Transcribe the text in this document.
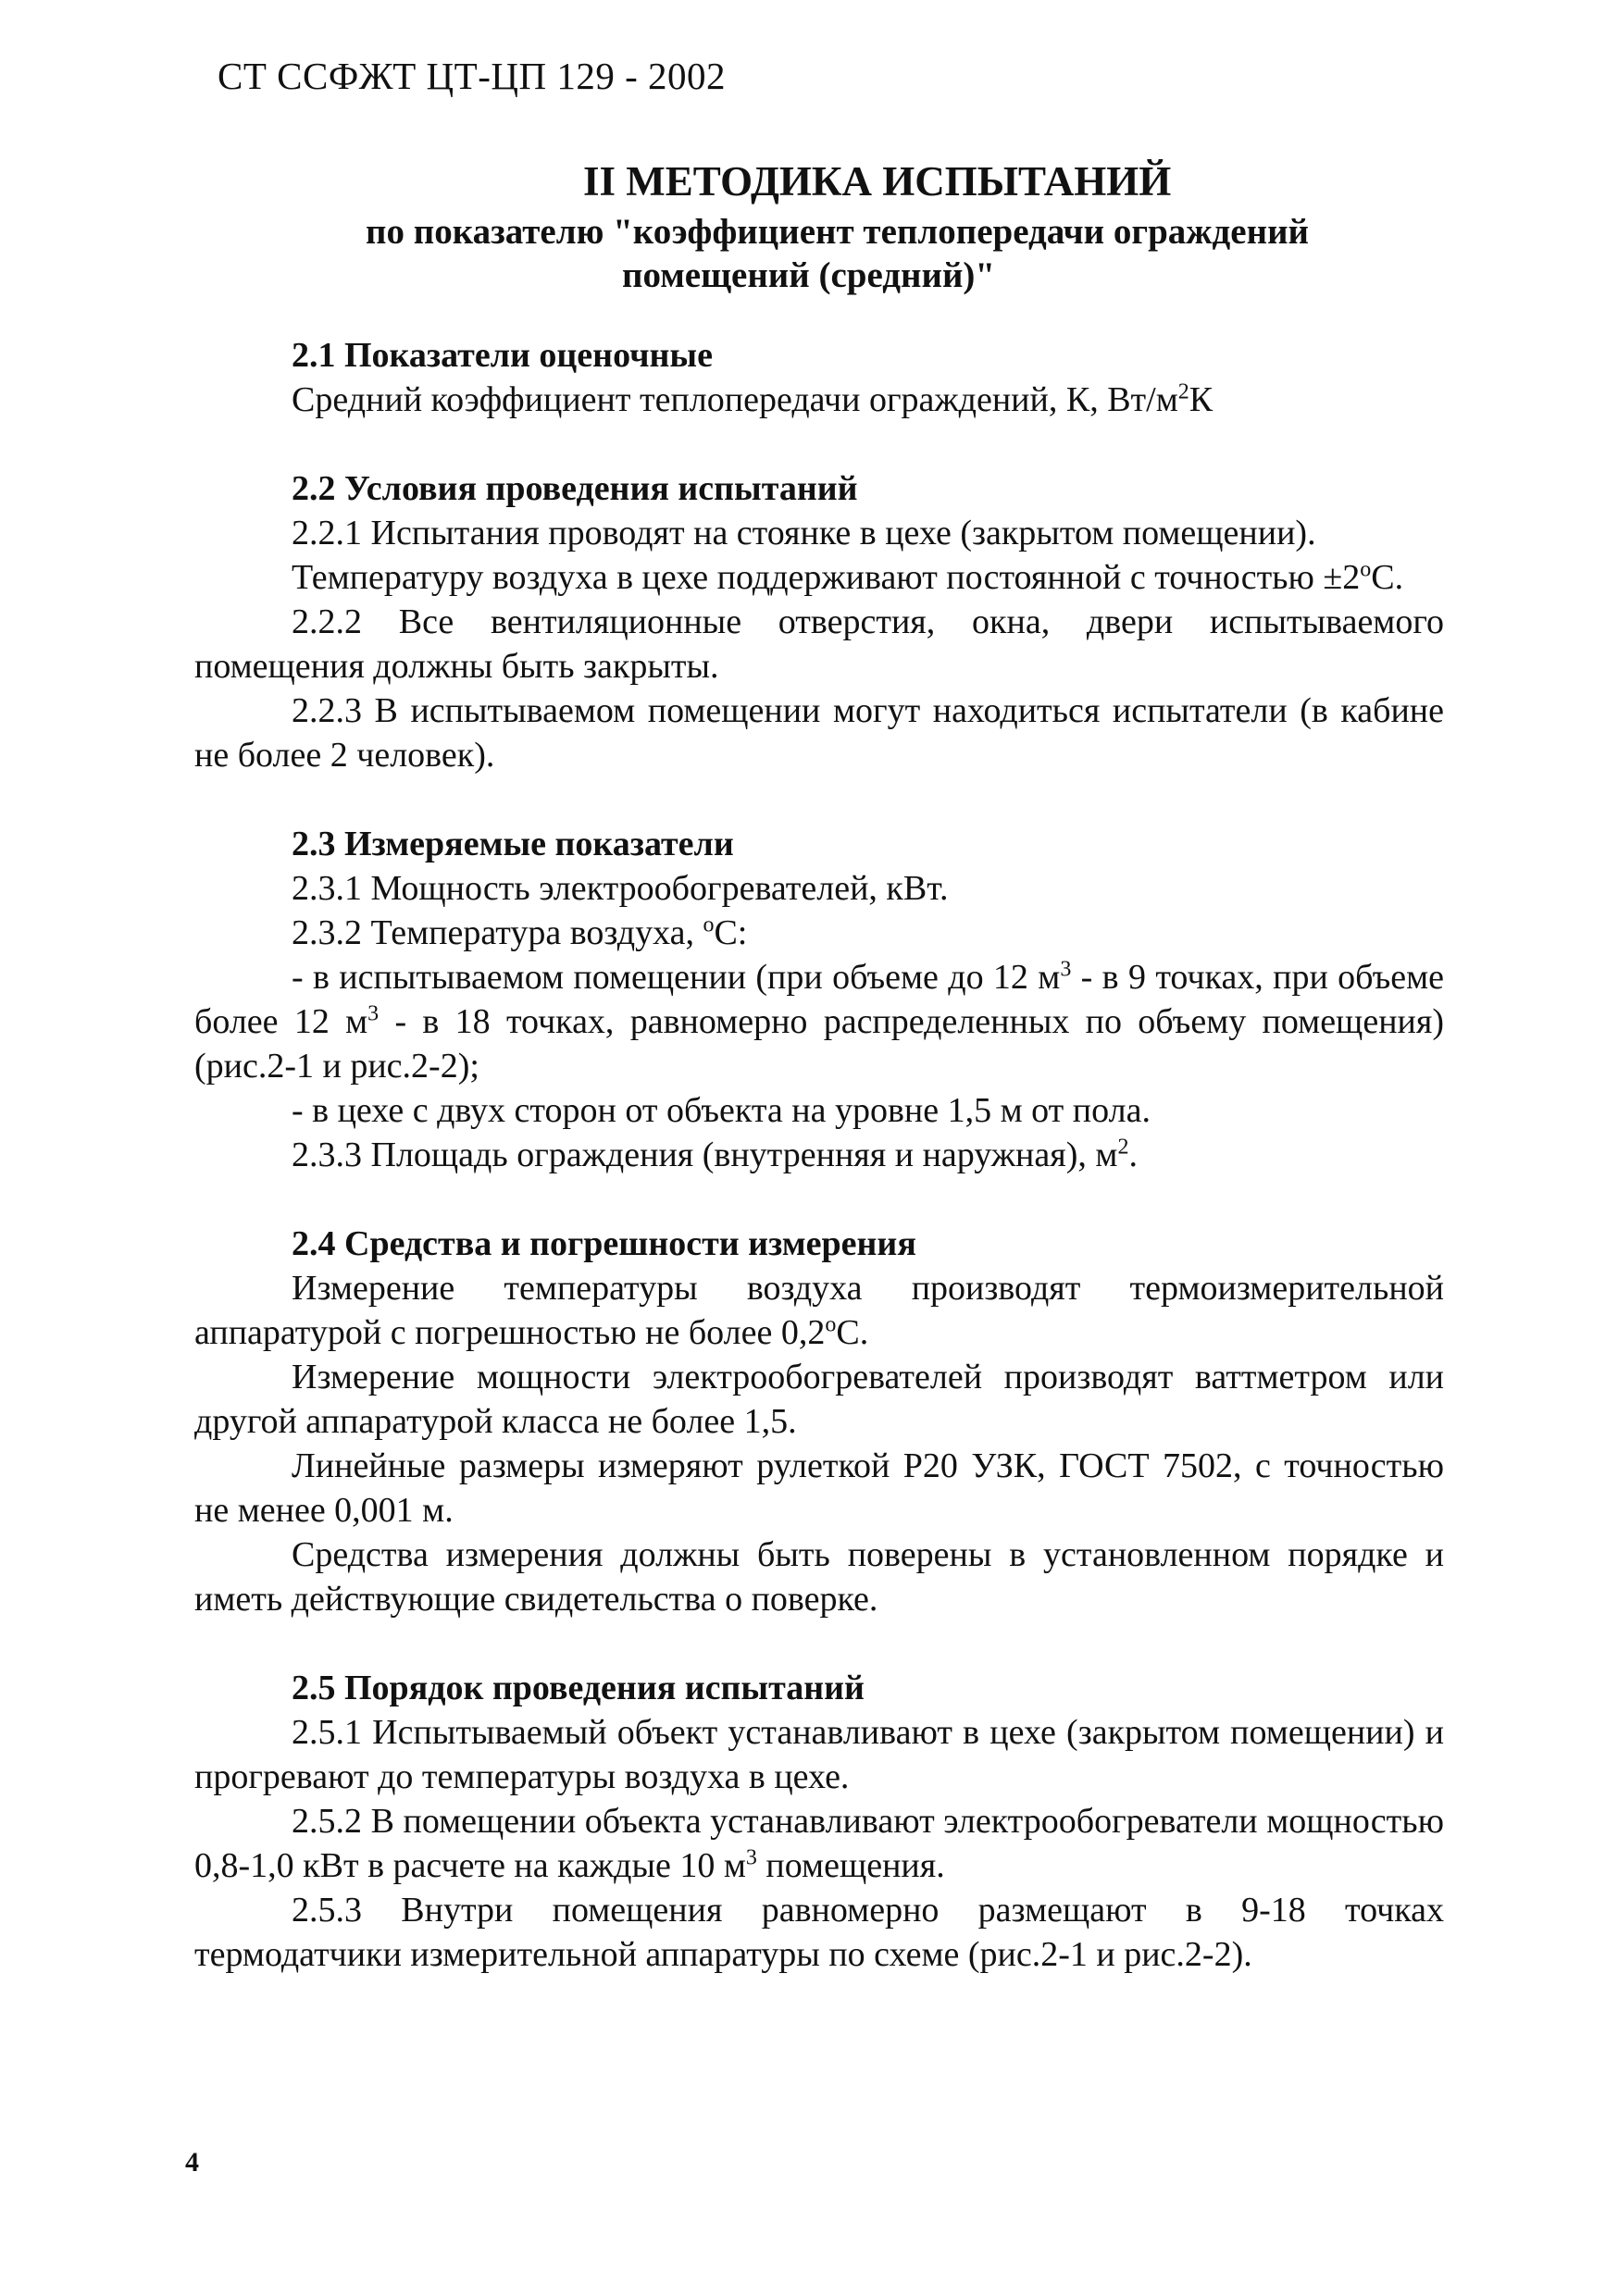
СТ ССФЖТ ЦТ-ЦП 129 - 2002
II МЕТОДИКА ИСПЫТАНИЙ
по показателю "коэффициент теплопередачи ограждений
помещений (средний)"

2.1 Показатели оценочные

Средний коэффициент теплопередачи ограждений, К, $Вт/м^2К$

2.2 Условия проведения испытаний

2.2.1 Испытания проводят на стоянке в цехе (закрытом помещении).

Температуру воздуха в цехе поддерживают постоянной с точностью $\pm 2^оС$.

2.2.2 Все вентиляционные отверстия, окна, двери испытываемого помещения должны быть закрыты.

2.2.3 В испытываемом помещении могут находиться испытатели (в кабине не более 2 человек).

2.3 Измеряемые показатели

2.3.1 Мощность электрообогревателей, кВт.

2.3.2 Температура воздуха, $^о$С:

- в испытываемом помещении (при объеме до 12 $м^3$ - в 9 точках, при объеме более 12 $м^3$ - в 18 точках, равномерно распределенных по объему помещения) (рис.2-1 и рис.2-2);

- в цехе с двух сторон от объекта на уровне 1,5 м от пола.

2.3.3 Площадь ограждения (внутренняя и наружная), $м^2$.

2.4 Средства и погрешности измерения

Измерение температуры воздуха производят термоизмерительной аппаратурой с погрешностью не более $0,2^оС$.

Измерение мощности электрообогревателей производят ваттметром или другой аппаратурой класса не более 1,5.

Линейные размеры измеряют рулеткой Р20 УЗК, ГОСТ 7502, с точностью не менее 0,001 м.

Средства измерения должны быть поверены в установленном порядке и иметь действующие свидетельства о поверке.

2.5 Порядок проведения испытаний

2.5.1 Испытываемый объект устанавливают в цехе (закрытом помещении) и прогревают до температуры воздуха в цехе.

2.5.2 В помещении объекта устанавливают электрообогреватели мощностью 0,8-1,0 кВт в расчете на каждые 10 $м^3$ помещения.

2.5.3 Внутри помещения равномерно размещают в 9-18 точках термодатчики измерительной аппаратуры по схеме (рис.2-1 и рис.2-2).

4
